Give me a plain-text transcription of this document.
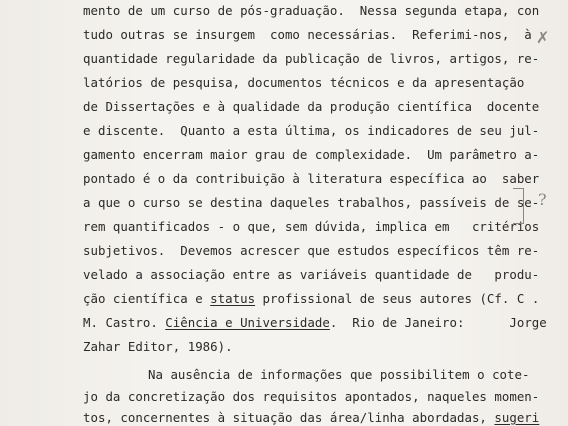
mento de um curso de pós-graduação.  Nessa segunda etapa, con
tudo outras se insurgem  como necessárias.  Referimi-nos,  à
quantidade regularidade da publicação de livros, artigos, re-
latórios de pesquisa, documentos técnicos e da apresentação
de Dissertações e à qualidade da produção científica  docente
e discente.  Quanto a esta última, os indicadores de seu jul-
gamento encerram maior grau de complexidade.  Um parâmetro a-
pontado é o da contribuição à literatura específica ao  saber
a que o curso se destina daqueles trabalhos, passíveis de se-
rem quantificados - o que, sem dúvida, implica em   critérios
subjetivos.  Devemos acrescer que estudos específicos têm re-
velado a associação entre as variáveis quantidade de   produ-
ção científica e status profissional de seus autores (Cf. C .
M. Castro. Ciência e Universidade.  Rio de Janeiro:      Jorge
Zahar Editor, 1986).
Na ausência de informações que possibilitem o cote-
jo da concretização dos requisitos apontados, naqueles momen-
tos, concernentes à situação das área/linha abordadas, sugeri
✗
?
